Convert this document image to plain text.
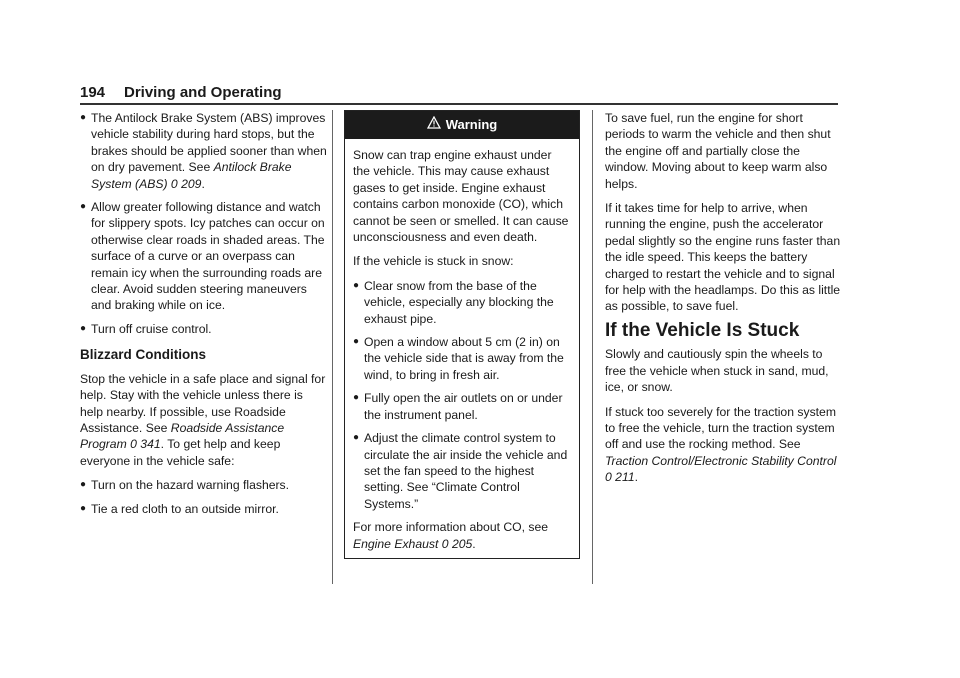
194 Driving and Operating
● The Antilock Brake System (ABS) improves vehicle stability during hard stops, but the brakes should be applied sooner than when on dry pavement. See Antilock Brake System (ABS) 0 209.
● Allow greater following distance and watch for slippery spots. Icy patches can occur on otherwise clear roads in shaded areas. The surface of a curve or an overpass can remain icy when the surrounding roads are clear. Avoid sudden steering maneuvers and braking while on ice.
● Turn off cruise control.
Blizzard Conditions

Stop the vehicle in a safe place and signal for help. Stay with the vehicle unless there is help nearby. If possible, use Roadside Assistance. See Roadside Assistance Program 0 341. To get help and keep everyone in the vehicle safe:

● Turn on the hazard warning flashers.
● Tie a red cloth to an outside mirror.
Warning

Snow can trap engine exhaust under the vehicle. This may cause exhaust gases to get inside. Engine exhaust contains carbon monoxide (CO), which cannot be seen or smelled. It can cause unconsciousness and even death.

If the vehicle is stuck in snow:

● Clear snow from the base of the vehicle, especially any blocking the exhaust pipe.
● Open a window about 5 cm (2 in) on the vehicle side that is away from the wind, to bring in fresh air.
● Fully open the air outlets on or under the instrument panel.
● Adjust the climate control system to circulate the air inside the vehicle and set the fan speed to the highest setting. See “Climate Control Systems.”

For more information about CO, see Engine Exhaust 0 205.

To save fuel, run the engine for short periods to warm the vehicle and then shut the engine off and partially close the window. Moving about to keep warm also helps.

If it takes time for help to arrive, when running the engine, push the accelerator pedal slightly so the engine runs faster than the idle speed. This keeps the battery charged to restart the vehicle and to signal for help with the headlamps. Do this as little as possible, to save fuel.

If the Vehicle Is Stuck

Slowly and cautiously spin the wheels to free the vehicle when stuck in sand, mud, ice, or snow.

If stuck too severely for the traction system to free the vehicle, turn the traction system off and use the rocking method. See Traction Control/Electronic Stability Control 0 211.
